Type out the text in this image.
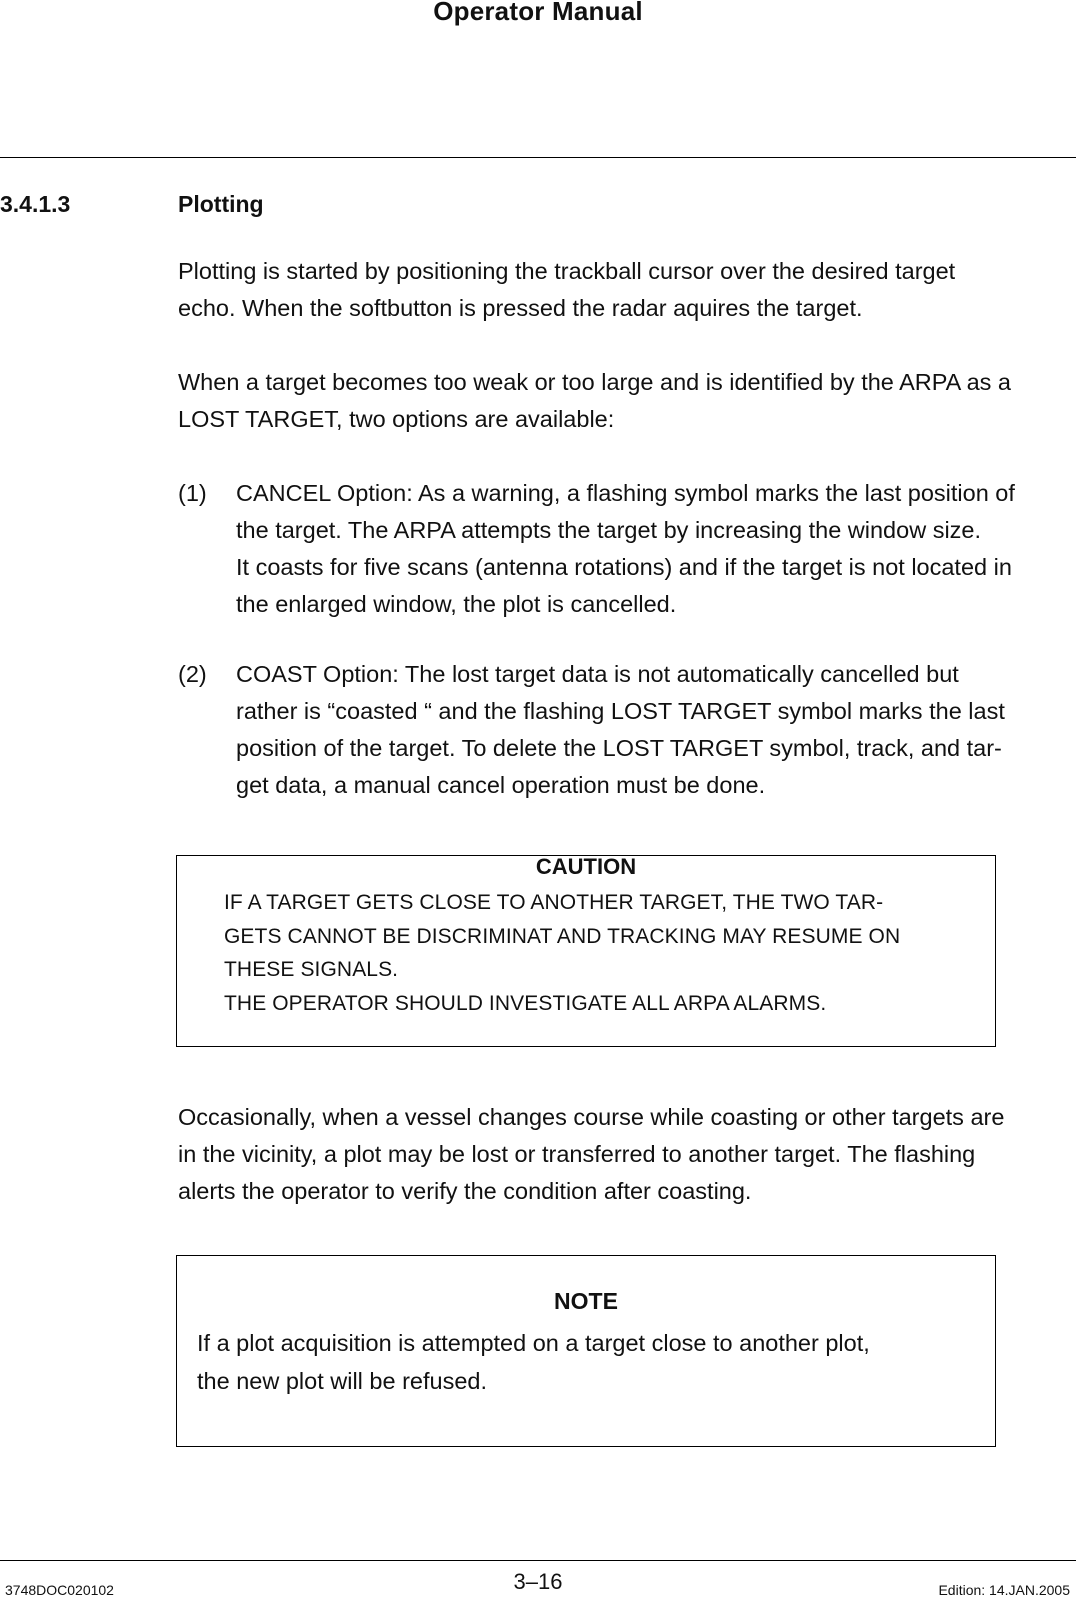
Operator Manual
3.4.1.3	Plotting
Plotting is started by positioning the trackball cursor over the desired target
echo. When the softbutton is pressed the radar aquires the target.
When a target becomes too weak or too large and is identified by the ARPA as a
LOST TARGET, two options are available:
(1) CANCEL Option: As a warning, a flashing symbol marks the last position of
the target. The ARPA attempts the target by increasing the window size.
It coasts for five scans (antenna rotations) and if the target is not located in
the enlarged window, the plot is cancelled.
(2) COAST Option: The lost target data is not automatically cancelled but
rather is “coasted “ and the flashing LOST TARGET symbol marks the last
position of the target. To delete the LOST TARGET symbol, track, and tar-
get data, a manual cancel operation must be done.
CAUTION
IF A TARGET GETS CLOSE TO ANOTHER TARGET, THE TWO TAR-
GETS CANNOT BE DISCRIMINAT AND TRACKING MAY RESUME ON
THESE SIGNALS.
THE OPERATOR SHOULD INVESTIGATE ALL ARPA ALARMS.
Occasionally, when a vessel changes course while coasting or other targets are
in the vicinity, a plot may be lost or transferred to another target. The flashing
alerts the operator to verify the condition after coasting.
NOTE
If a plot acquisition is attempted on a target close to another plot,
the new plot will be refused.
3748DOC020102	3–16	Edition: 14.JAN.2005
